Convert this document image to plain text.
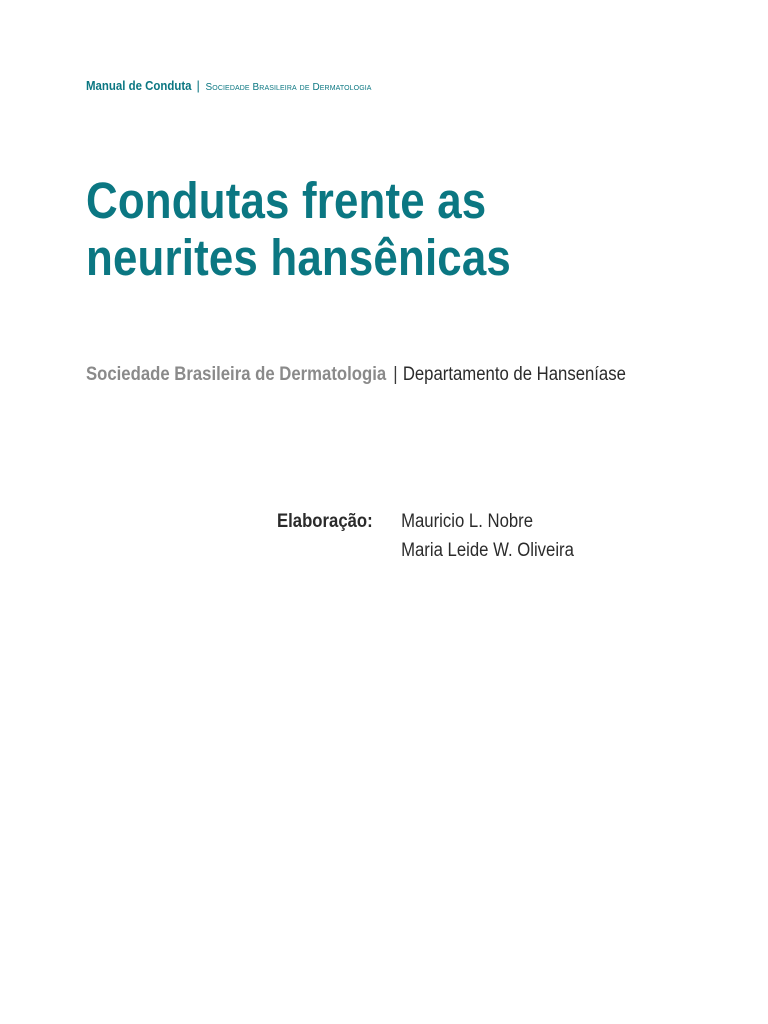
Manual de Conduta | Sociedade Brasileira de Dermatologia
Condutas frente as neurites hansênicas
Sociedade Brasileira de Dermatologia | Departamento de Hanseníase
Elaboração:	Mauricio L. Nobre
Maria Leide W. Oliveira
